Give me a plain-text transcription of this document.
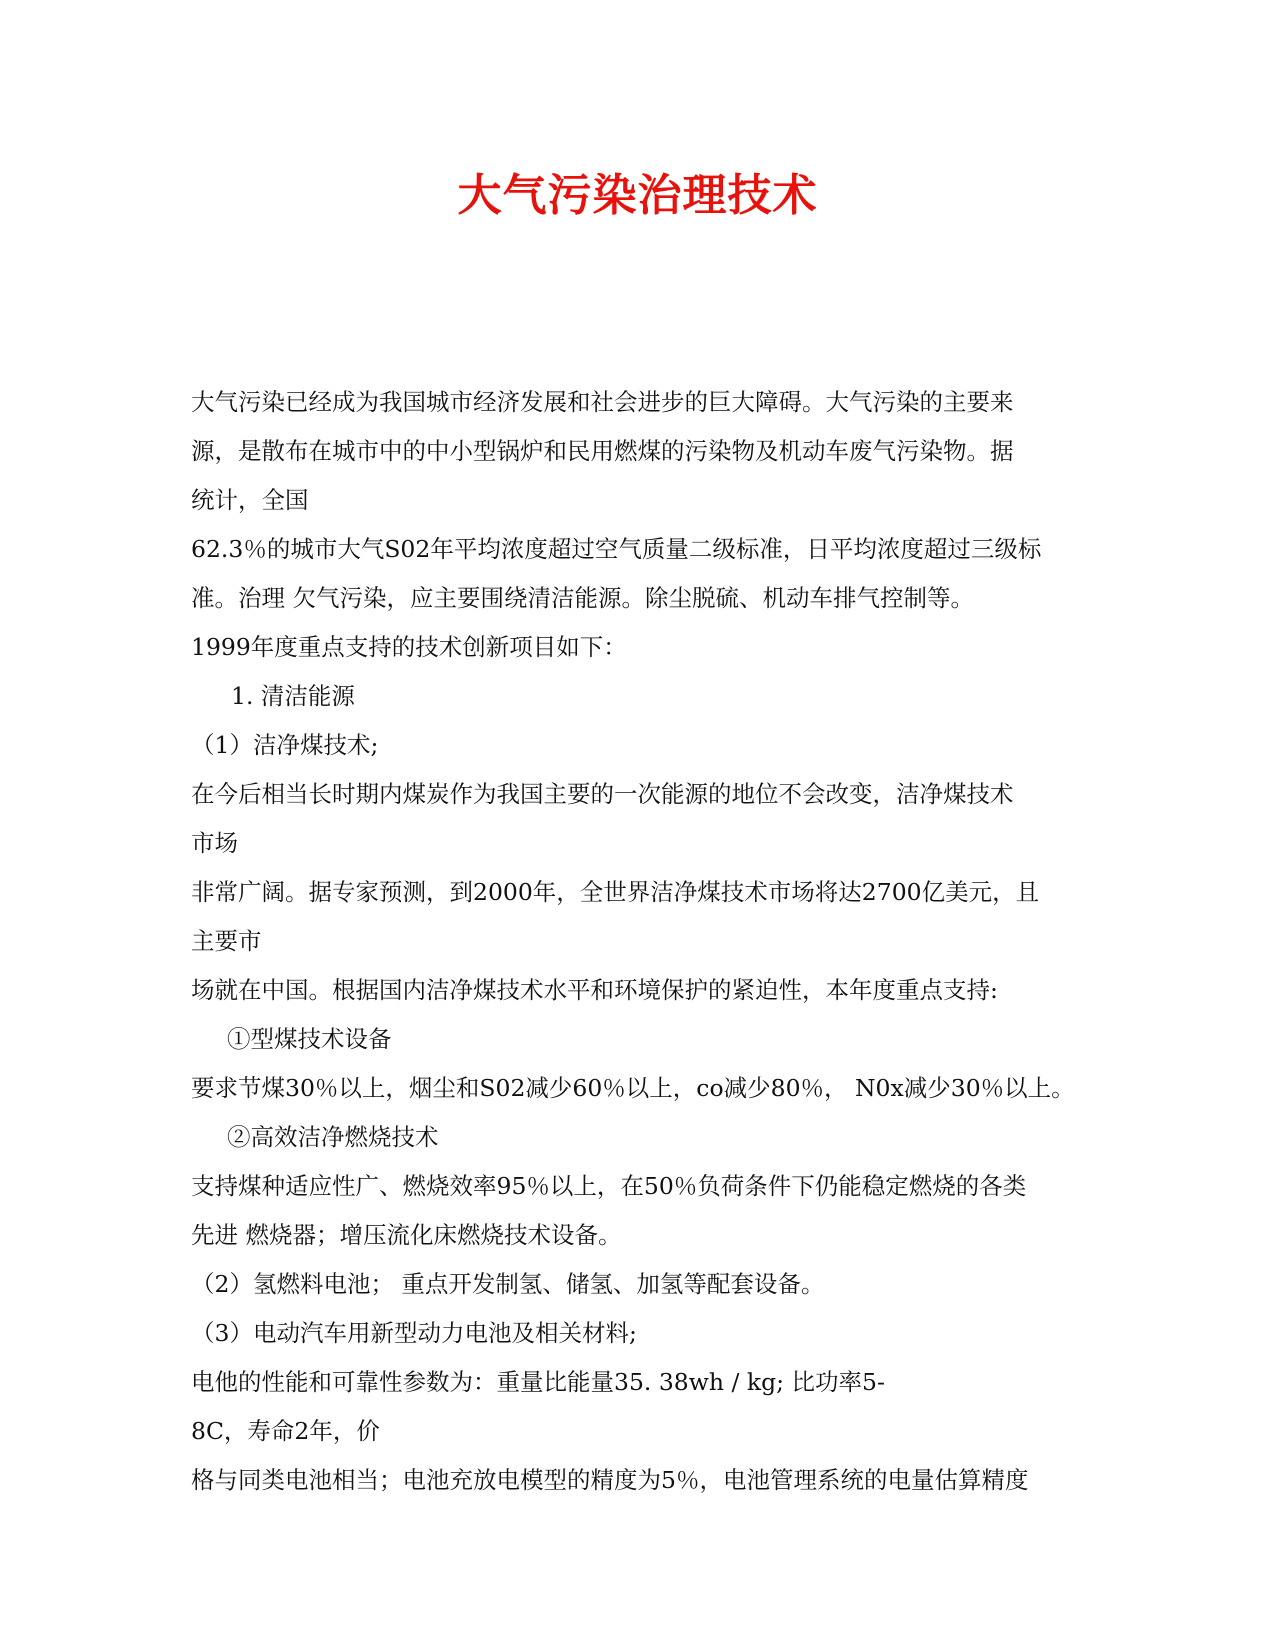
大气污染治理技术
大气污染已经成为我国城市经济发展和社会进步的巨大障碍。大气污染的主要来
源，是散布在城市中的中小型锅炉和民用燃煤的污染物及机动车废气污染物。据
统计，全国
62.3％的城市大气S02年平均浓度超过空气质量二级标准，日平均浓度超过三级标
准。治理 欠气污染，应主要围绕清洁能源。除尘脱硫、机动车排气控制等。
1999年度重点支持的技术创新项目如下：
1. 清洁能源
（1）洁净煤技术;
在今后相当长时期内煤炭作为我国主要的一次能源的地位不会改变，洁净煤技术
市场
非常广阔。据专家预测，到2000年，全世界洁净煤技术市场将达2700亿美元，且
主要市
场就在中国。根据国内洁净煤技术水平和环境保护的紧迫性，本年度重点支持:
①型煤技术设备
要求节煤30％以上，烟尘和S02减少60％以上，co减少80％， N0x减少30％以上。
②高效洁净燃烧技术
支持煤种适应性广、燃烧效率95％以上，在50％负荷条件下仍能稳定燃烧的各类
先进 燃烧器；增压流化床燃烧技术设备。
（2）氢燃料电池； 重点开发制氢、储氢、加氢等配套设备。
（3）电动汽车用新型动力电池及相关材料;
电他的性能和可靠性参数为：重量比能量35. 38wh / kg; 比功率5-
8C，寿命2年，价
格与同类电池相当；电池充放电模型的精度为5％，电池管理系统的电量估算精度
